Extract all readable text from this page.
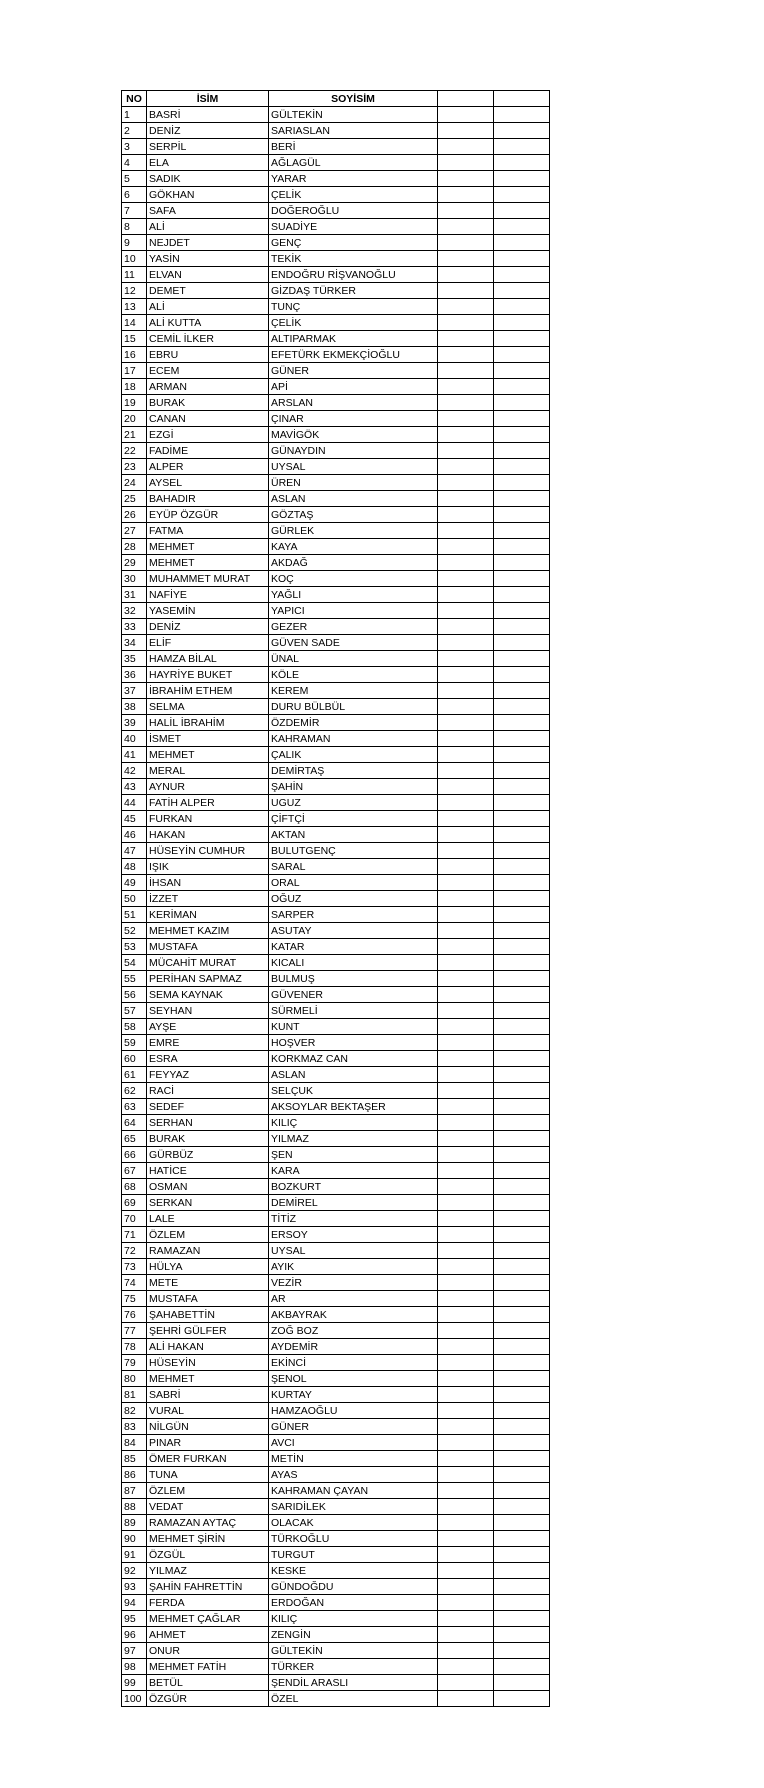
NO	İSİM	SOYİSİM		
1	BASRİ	GÜLTEKİN		
2	DENİZ	SARIASLAN		
3	SERPİL	BERİ		
4	ELA	AĞLAGÜL		
5	SADIK	YARAR		
6	GÖKHAN	ÇELİK		
7	SAFA	DOĞEROĞLU		
8	ALİ	SUADİYE		
9	NEJDET	GENÇ		
10	YASİN	TEKİK		
11	ELVAN	ENDOĞRU RİŞVANOĞLU		
12	DEMET	GİZDAŞ TÜRKER		
13	ALİ	TUNÇ		
14	ALİ KUTTA	ÇELİK		
15	CEMİL İLKER	ALTIPARMAK		
16	EBRU	EFETÜRK EKMEKÇİOĞLU		
17	ECEM	GÜNER		
18	ARMAN	APİ		
19	BURAK	ARSLAN		
20	CANAN	ÇINAR		
21	EZGİ	MAVİGÖK		
22	FADİME	GÜNAYDIN		
23	ALPER	UYSAL		
24	AYSEL	ÜREN		
25	BAHADIR	ASLAN		
26	EYÜP ÖZGÜR	GÖZTAŞ		
27	FATMA	GÜRLEK		
28	MEHMET	KAYA		
29	MEHMET	AKDAĞ		
30	MUHAMMET MURAT	KOÇ		
31	NAFİYE	YAĞLI		
32	YASEMİN	YAPICI		
33	DENİZ	GEZER		
34	ELİF	GÜVEN SADE		
35	HAMZA BİLAL	ÜNAL		
36	HAYRİYE BUKET	KÖLE		
37	İBRAHİM ETHEM	KEREM		
38	SELMA	DURU BÜLBÜL		
39	HALİL İBRAHİM	ÖZDEMİR		
40	İSMET	KAHRAMAN		
41	MEHMET	ÇALIK		
42	MERAL	DEMİRTAŞ		
43	AYNUR	ŞAHİN		
44	FATİH ALPER	UGUZ		
45	FURKAN	ÇİFTÇİ		
46	HAKAN	AKTAN		
47	HÜSEYİN CUMHUR	BULUTGENÇ		
48	IŞIK	SARAL		
49	İHSAN	ORAL		
50	İZZET	OĞUZ		
51	KERİMAN	SARPER		
52	MEHMET KAZIM	ASUTAY		
53	MUSTAFA	KATAR		
54	MÜCAHİT MURAT	KICALI		
55	PERİHAN SAPMAZ	BULMUŞ		
56	SEMA KAYNAK	GÜVENER		
57	SEYHAN	SÜRMELİ		
58	AYŞE	KUNT		
59	EMRE	HOŞVER		
60	ESRA	KORKMAZ CAN		
61	FEYYAZ	ASLAN		
62	RACİ	SELÇUK		
63	SEDEF	AKSOYLAR BEKTAŞER		
64	SERHAN	KILIÇ		
65	BURAK	YILMAZ		
66	GÜRBÜZ	ŞEN		
67	HATİCE	KARA		
68	OSMAN	BOZKURT		
69	SERKAN	DEMİREL		
70	LALE	TİTİZ		
71	ÖZLEM	ERSOY		
72	RAMAZAN	UYSAL		
73	HÜLYA	AYIK		
74	METE	VEZİR		
75	MUSTAFA	AR		
76	ŞAHABETTİN	AKBAYRAK		
77	ŞEHRİ GÜLFER	ZOĞ BOZ		
78	ALİ HAKAN	AYDEMİR		
79	HÜSEYİN	EKİNCİ		
80	MEHMET	ŞENOL		
81	SABRİ	KURTAY		
82	VURAL	HAMZAOĞLU		
83	NİLGÜN	GÜNER		
84	PINAR	AVCI		
85	ÖMER FURKAN	METİN		
86	TUNA	AYAS		
87	ÖZLEM	KAHRAMAN ÇAYAN		
88	VEDAT	SARIDİLEK		
89	RAMAZAN AYTAÇ	OLACAK		
90	MEHMET ŞİRİN	TÜRKOĞLU		
91	ÖZGÜL	TURGUT		
92	YILMAZ	KESKE		
93	ŞAHİN FAHRETTİN	GÜNDOĞDU		
94	FERDA	ERDOĞAN		
95	MEHMET ÇAĞLAR	KILIÇ		
96	AHMET	ZENGİN		
97	ONUR	GÜLTEKİN		
98	MEHMET FATİH	TÜRKER		
99	BETÜL	ŞENDİL ARASLI		
100	ÖZGÜR	ÖZEL		
